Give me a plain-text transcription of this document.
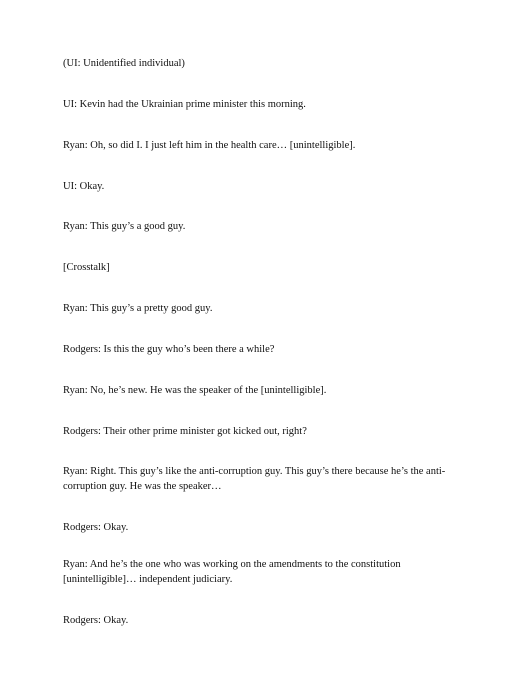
(UI: Unidentified individual)

UI: Kevin had the Ukrainian prime minister this morning.

Ryan: Oh, so did I. I just left him in the health care… [unintelligible].

UI: Okay.

Ryan: This guy’s a good guy.

[Crosstalk]

Ryan: This guy’s a pretty good guy.

Rodgers: Is this the guy who’s been there a while?

Ryan: No, he’s new. He was the speaker of the [unintelligible].

Rodgers: Their other prime minister got kicked out, right?

Ryan: Right. This guy’s like the anti-corruption guy. This guy’s there because he’s the anti-corruption guy. He was the speaker…

Rodgers: Okay.

Ryan: And he’s the one who was working on the amendments to the constitution [unintelligible]… independent judiciary.

Rodgers: Okay.
